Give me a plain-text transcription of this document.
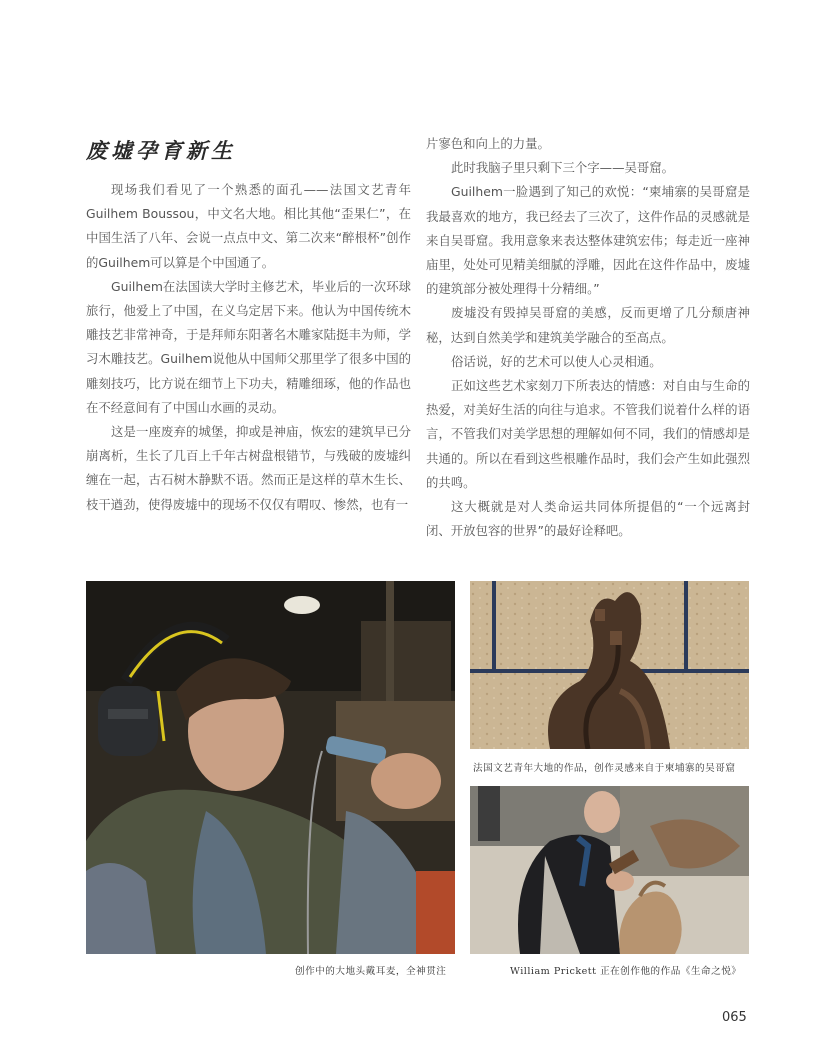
废墟孕育新生

现场我们看见了一个熟悉的面孔——法国文艺青年Guilhem Boussou，中文名大地。相比其他“歪果仁”，在中国生活了八年、会说一点点中文、第二次来“醉根杯”创作的Guilhem可以算是个中国通了。

Guilhem在法国读大学时主修艺术，毕业后的一次环球旅行，他爱上了中国，在义乌定居下来。他认为中国传统木雕技艺非常神奇，于是拜师东阳著名木雕家陆挺丰为师，学习木雕技艺。Guilhem说他从中国师父那里学了很多中国的雕刻技巧，比方说在细节上下功夫，精雕细琢，他的作品也在不经意间有了中国山水画的灵动。

这是一座废弃的城堡，抑或是神庙，恢宏的建筑早已分崩离析，生长了几百上千年古树盘根错节，与残破的废墟纠缠在一起，古石树木静默不语。然而正是这样的草木生长、枝干遒劲，使得废墟中的现场不仅仅有喟叹、惨然，也有一

片寥色和向上的力量。

此时我脑子里只剩下三个字——吴哥窟。

Guilhem一脸遇到了知己的欢悦：“柬埔寨的吴哥窟是我最喜欢的地方，我已经去了三次了，这件作品的灵感就是来自吴哥窟。我用意象来表达整体建筑宏伟；每走近一座神庙里，处处可见精美细腻的浮雕，因此在这件作品中，废墟的建筑部分被处理得十分精细。”

废墟没有毁掉吴哥窟的美感，反而更增了几分颓唐神秘，达到自然美学和建筑美学融合的至高点。

俗话说，好的艺术可以使人心灵相通。

正如这些艺术家刻刀下所表达的情感：对自由与生命的热爱，对美好生活的向往与追求。不管我们说着什么样的语言，不管我们对美学思想的理解如何不同，我们的情感却是共通的。所以在看到这些根雕作品时，我们会产生如此强烈的共鸣。

这大概就是对人类命运共同体所提倡的“一个远离封闭、开放包容的世界”的最好诠释吧。

法国文艺青年大地的作品，创作灵感来自于柬埔寨的吴哥窟
创作中的大地头戴耳麦，全神贯注	William Prickett 正在创作他的作品《生命之悦》
065
